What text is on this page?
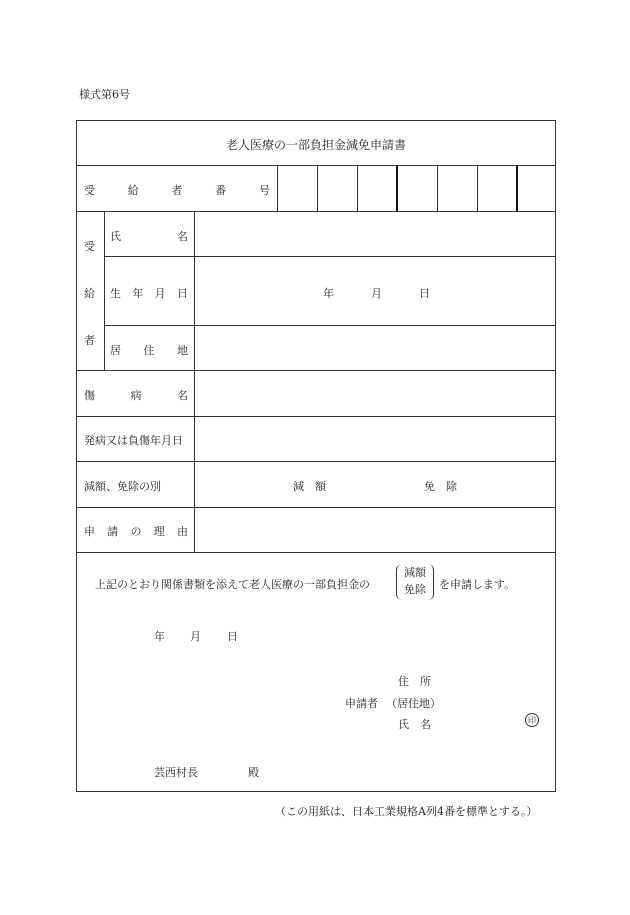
様式第6号
老人医療の一部負担金減免申請書
受	給	者	番	号
受
給
者
氏	名
生 年 月 日	年	月	日
居 住 地
傷	病	名
発病又は負傷年月日
減額、免除の別	減　額	免　除
申 請 の 理 由
上記のとおり関係書類を添えて老人医療の一部負担金の
減額
免除	を申請します。
年 月 日
住　所
申請者 （居住地）
氏　名	印
芸西村長	殿
（この用紙は、日本工業規格A列4番を標準とする。）
